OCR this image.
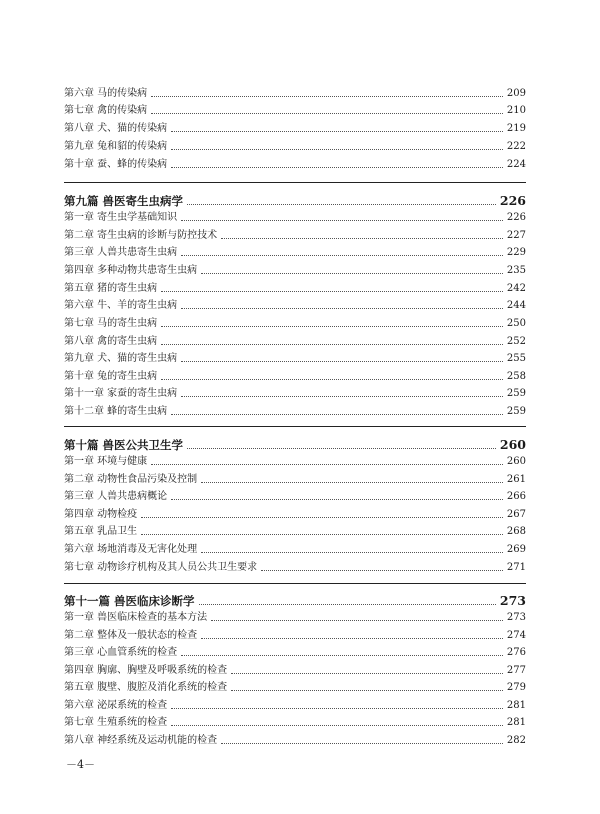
第六章 马的传染病	209
第七章 禽的传染病	210
第八章 犬、猫的传染病	219
第九章 兔和貂的传染病	222
第十章 蚕、蜂的传染病	224
第九篇 兽医寄生虫病学	226
第一章 寄生虫学基础知识	226
第二章 寄生虫病的诊断与防控技术	227
第三章 人兽共患寄生虫病	229
第四章 多种动物共患寄生虫病	235
第五章 猪的寄生虫病	242
第六章 牛、羊的寄生虫病	244
第七章 马的寄生虫病	250
第八章 禽的寄生虫病	252
第九章 犬、猫的寄生虫病	255
第十章 兔的寄生虫病	258
第十一章 家蚕的寄生虫病	259
第十二章 蜂的寄生虫病	259
第十篇 兽医公共卫生学	260
第一章 环境与健康	260
第二章 动物性食品污染及控制	261
第三章 人兽共患病概论	266
第四章 动物检疫	267
第五章 乳品卫生	268
第六章 场地消毒及无害化处理	269
第七章 动物诊疗机构及其人员公共卫生要求	271
第十一篇 兽医临床诊断学	273
第一章 兽医临床检查的基本方法	273
第二章 整体及一般状态的检查	274
第三章 心血管系统的检查	276
第四章 胸廓、胸壁及呼吸系统的检查	277
第五章 腹壁、腹腔及消化系统的检查	279
第六章 泌尿系统的检查	281
第七章 生殖系统的检查	281
第八章 神经系统及运动机能的检查	282
－4－
